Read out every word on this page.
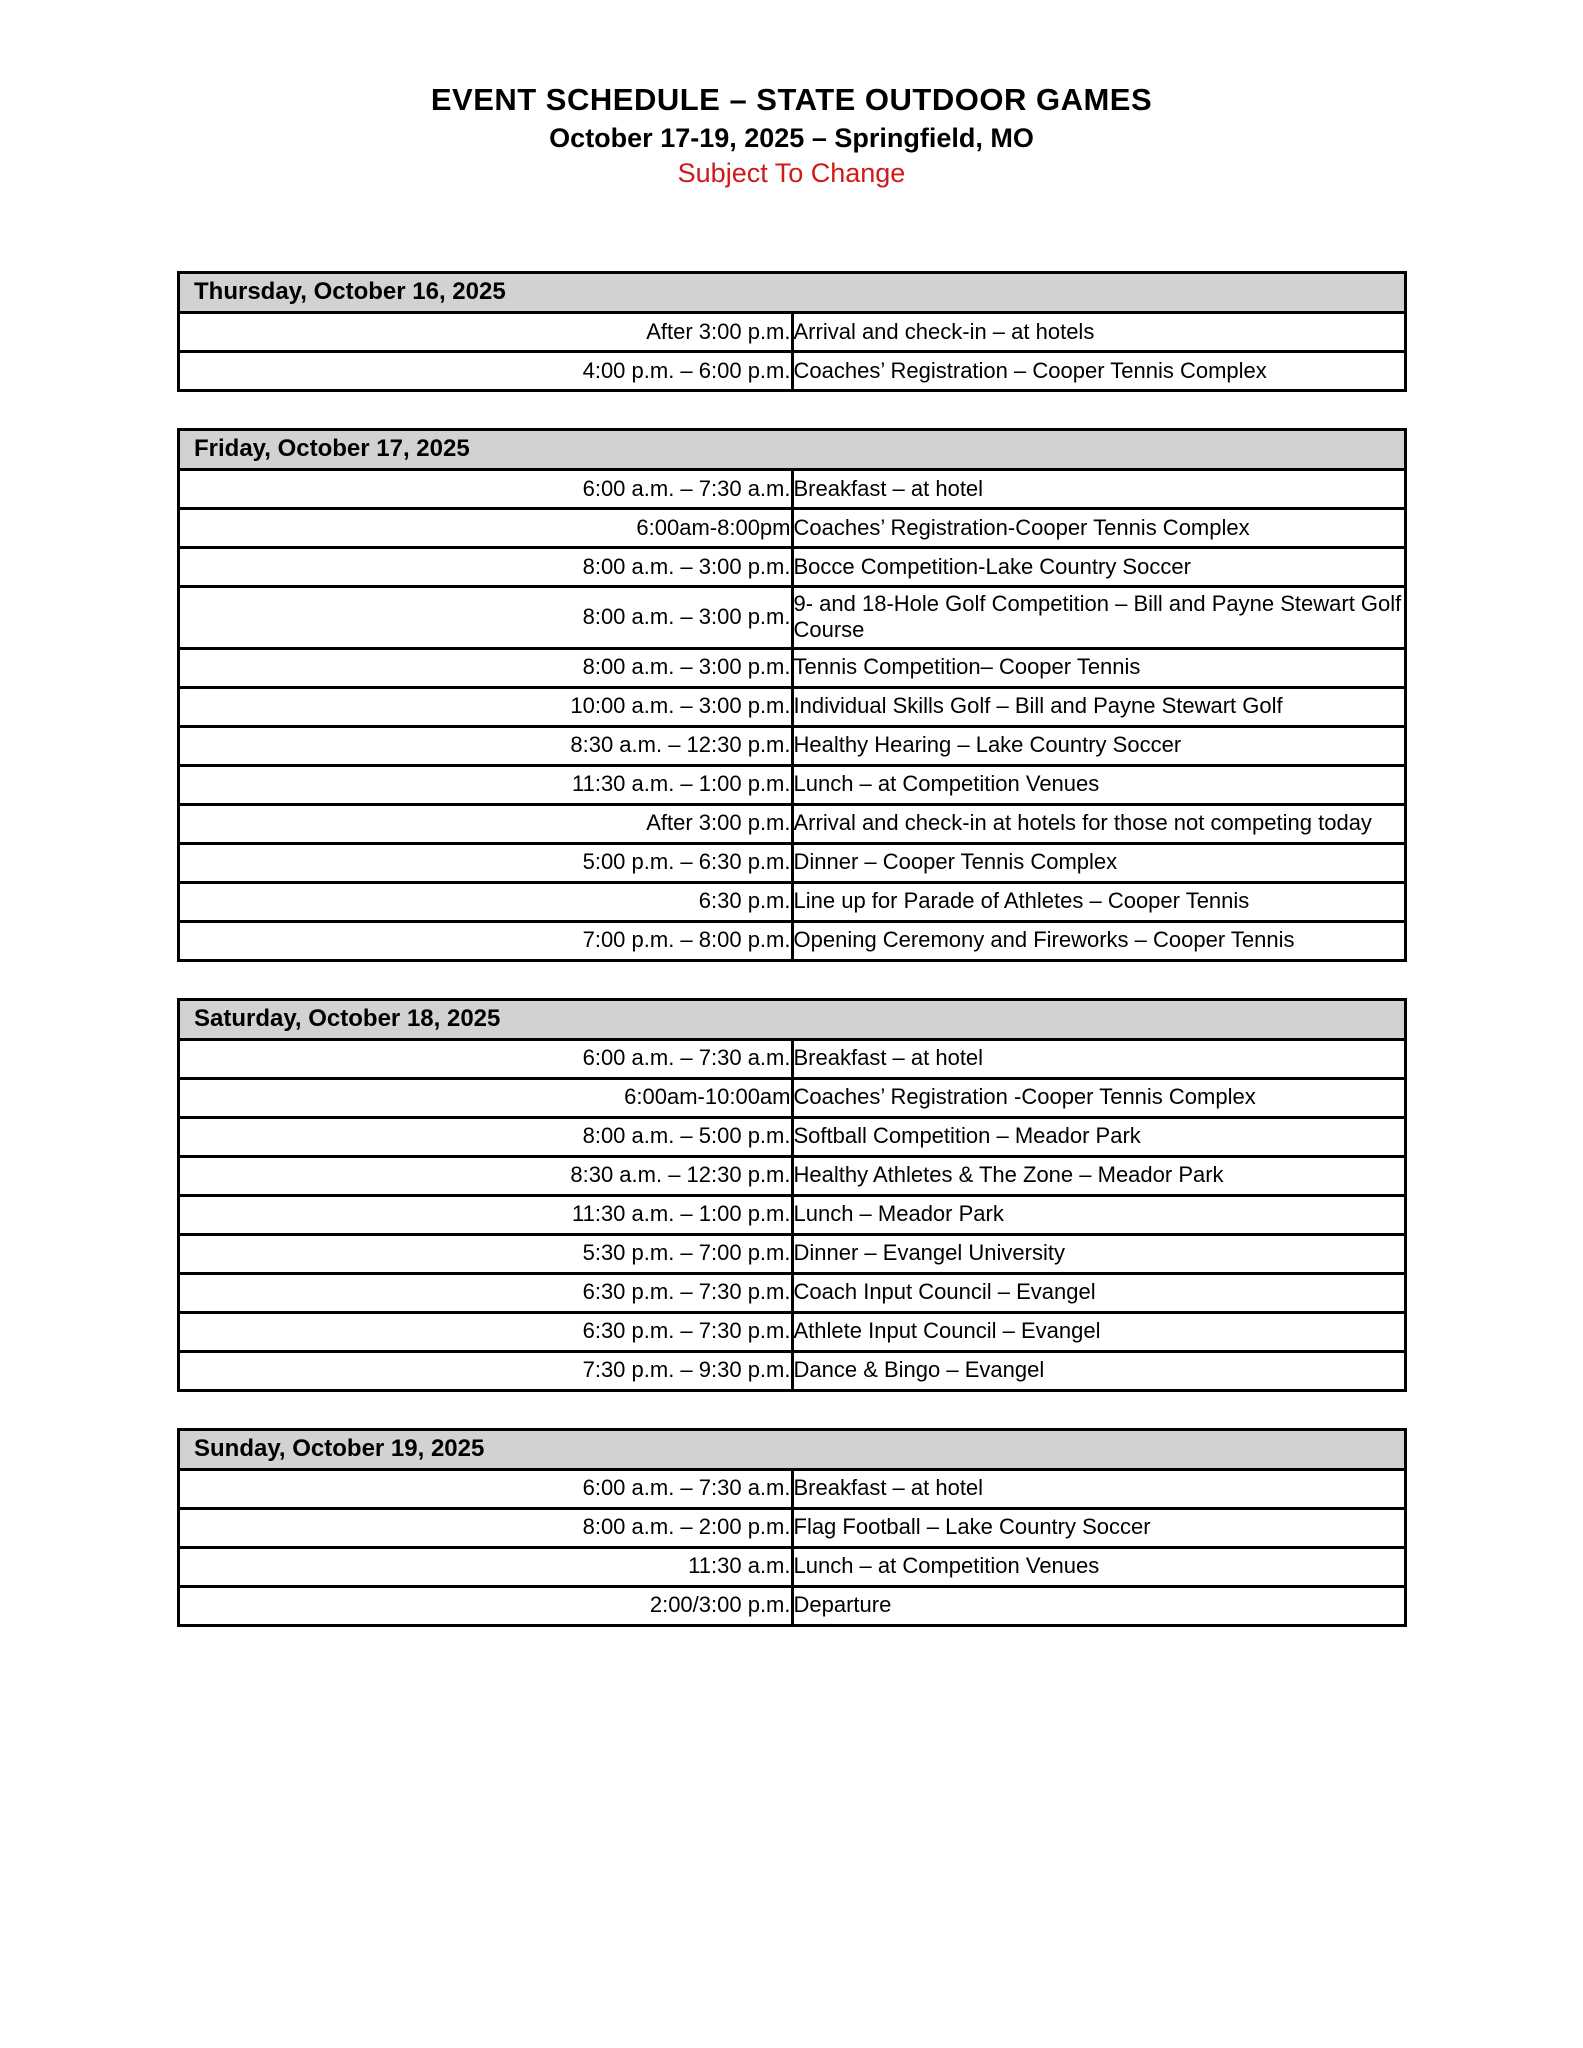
EVENT SCHEDULE – STATE OUTDOOR GAMES
October 17-19, 2025 – Springfield, MO
Subject To Change
Thursday, October 16, 2025	
After 3:00 p.m.	Arrival and check-in – at hotels
4:00 p.m. – 6:00 p.m.	Coaches’ Registration – Cooper Tennis Complex
Friday, October 17, 2025	
6:00 a.m. – 7:30 a.m.	Breakfast – at hotel
6:00am-8:00pm	Coaches’ Registration-Cooper Tennis Complex
8:00 a.m. – 3:00 p.m.	Bocce Competition-Lake Country Soccer
8:00 a.m. – 3:00 p.m.	9- and 18-Hole Golf Competition – Bill and Payne Stewart Golf Course
8:00 a.m. – 3:00 p.m.	Tennis Competition– Cooper Tennis
10:00 a.m. – 3:00 p.m.	Individual Skills Golf – Bill and Payne Stewart Golf
8:30 a.m. – 12:30 p.m.	Healthy Hearing – Lake Country Soccer
11:30 a.m. – 1:00 p.m.	Lunch – at Competition Venues
After 3:00 p.m.	Arrival and check-in at hotels for those not competing today
5:00 p.m. – 6:30 p.m.	Dinner – Cooper Tennis Complex
6:30 p.m.	Line up for Parade of Athletes – Cooper Tennis
7:00 p.m. – 8:00 p.m.	Opening Ceremony and Fireworks – Cooper Tennis
Saturday, October 18, 2025	
6:00 a.m. – 7:30 a.m.	Breakfast – at hotel
6:00am-10:00am	Coaches’ Registration -Cooper Tennis Complex
8:00 a.m. – 5:00 p.m.	Softball Competition – Meador Park
8:30 a.m. – 12:30 p.m.	Healthy Athletes & The Zone – Meador Park
11:30 a.m. – 1:00 p.m.	Lunch – Meador Park
5:30 p.m. – 7:00 p.m.	Dinner – Evangel University
6:30 p.m. – 7:30 p.m.	Coach Input Council – Evangel
6:30 p.m. – 7:30 p.m.	Athlete Input Council – Evangel
7:30 p.m. – 9:30 p.m.	Dance & Bingo – Evangel
Sunday, October 19, 2025	
6:00 a.m. – 7:30 a.m.	Breakfast – at hotel
8:00 a.m. – 2:00 p.m.	Flag Football – Lake Country Soccer
11:30 a.m.	Lunch – at Competition Venues
2:00/3:00 p.m.	Departure
